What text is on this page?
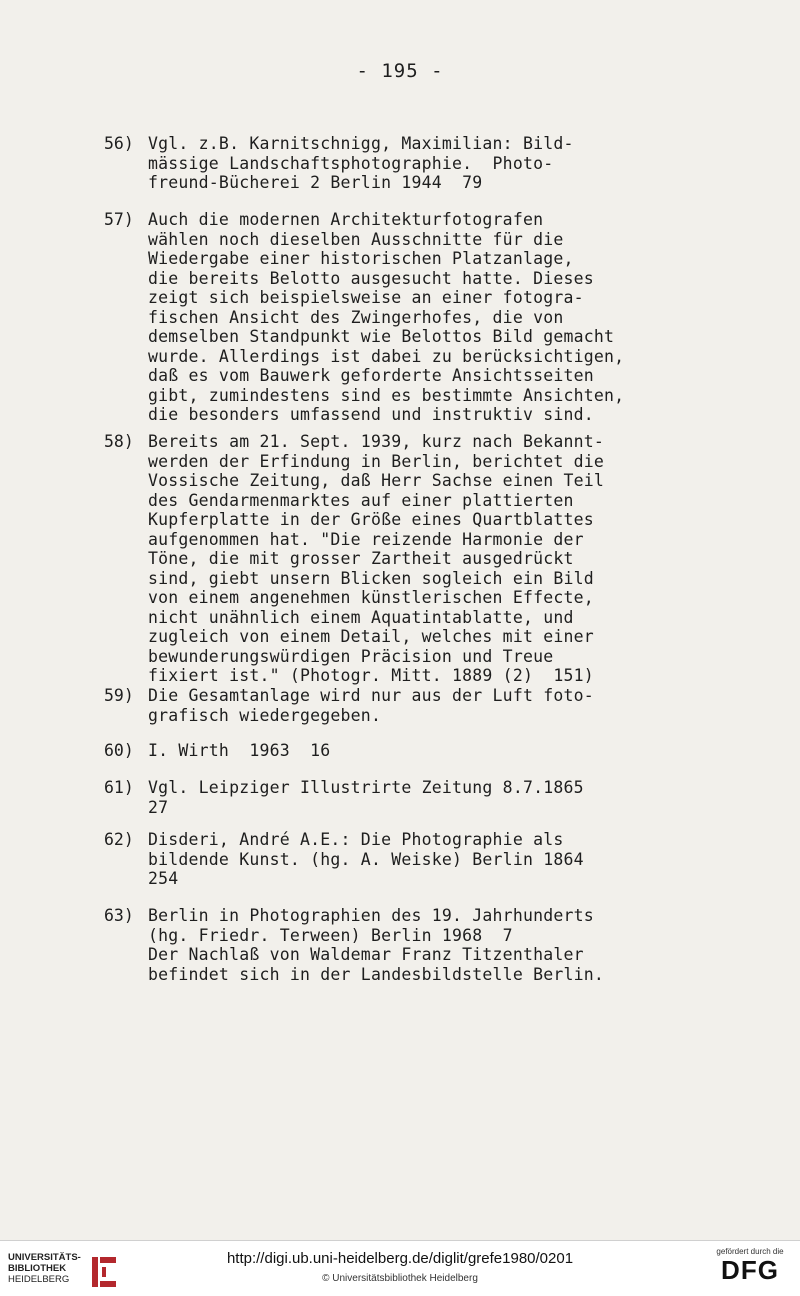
- 195 -
56) Vgl. z.B. Karnitschnigg, Maximilian: Bild-
mässige Landschaftsphotographie.  Photo-
freund-Bücherei 2 Berlin 1944  79
57) Auch die modernen Architekturfotografen
wählen noch dieselben Ausschnitte für die
Wiedergabe einer historischen Platzanlage,
die bereits Belotto ausgesucht hatte. Dieses
zeigt sich beispielsweise an einer fotogra-
fischen Ansicht des Zwingerhofes, die von
demselben Standpunkt wie Belottos Bild gemacht
wurde. Allerdings ist dabei zu berücksichtigen,
daß es vom Bauwerk geforderte Ansichtsseiten
gibt, zumindestens sind es bestimmte Ansichten,
die besonders umfassend und instruktiv sind.
58) Bereits am 21. Sept. 1939, kurz nach Bekannt-
werden der Erfindung in Berlin, berichtet die
Vossische Zeitung, daß Herr Sachse einen Teil
des Gendarmenmarktes auf einer plattierten
Kupferplatte in der Größe eines Quartblattes
aufgenommen hat. "Die reizende Harmonie der
Töne, die mit grosser Zartheit ausgedrückt
sind, giebt unsern Blicken sogleich ein Bild
von einem angenehmen künstlerischen Effecte,
nicht unähnlich einem Aquatintablatte, und
zugleich von einem Detail, welches mit einer
bewunderungswürdigen Präcision und Treue
fixiert ist." (Photogr. Mitt. 1889 (2)  151)
59) Die Gesamtanlage wird nur aus der Luft foto-
grafisch wiedergegeben.
60) I. Wirth  1963  16
61) Vgl. Leipziger Illustrirte Zeitung 8.7.1865
27
62) Disderi, André A.E.: Die Photographie als
bildende Kunst. (hg. A. Weiske) Berlin 1864
254
63) Berlin in Photographien des 19. Jahrhunderts
(hg. Friedr. Terween) Berlin 1968  7
Der Nachlaß von Waldemar Franz Titzenthaler
befindet sich in der Landesbildstelle Berlin.
UNIVERSITÄTS-
BIBLIOTHEK
HEIDELBERG
http://digi.ub.uni-heidelberg.de/diglit/grefe1980/0201
© Universitätsbibliothek Heidelberg
gefördert durch die
DFG
